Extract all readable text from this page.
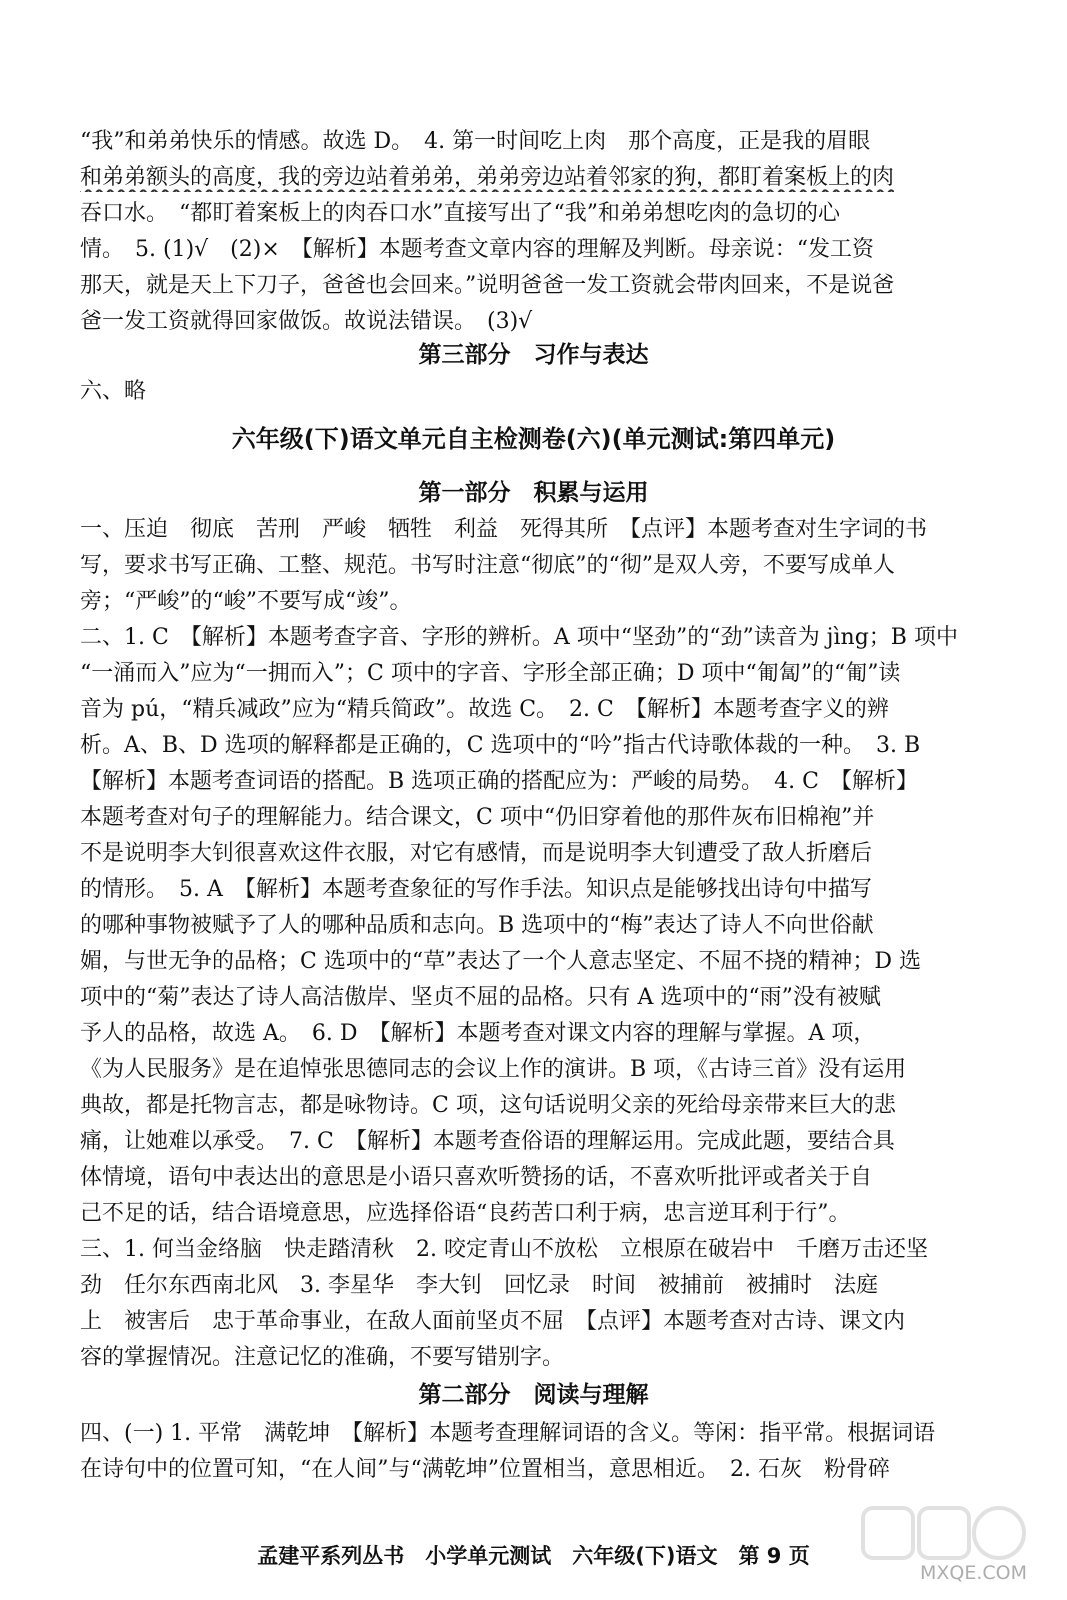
“我”和弟弟快乐的情感。故选 D。　4. 第一时间吃上肉　那个高度，正是我的眉眼
和弟弟额头的高度，我的旁边站着弟弟，弟弟旁边站着邻家的狗，都盯着案板上的肉
吞口水。　“都盯着案板上的肉吞口水”直接写出了“我”和弟弟想吃肉的急切的心
情。　5. (1)√　(2)×　【解析】本题考查文章内容的理解及判断。母亲说：“发工资
那天，就是天上下刀子，爸爸也会回来。”说明爸爸一发工资就会带肉回来，不是说爸
爸一发工资就得回家做饭。故说法错误。　(3)√
第三部分　习作与表达
六、略
六年级(下)语文单元自主检测卷(六)(单元测试:第四单元)
第一部分　积累与运用
一、压迫　彻底　苦刑　严峻　牺牲　利益　死得其所　【点评】本题考查对生字词的书
写，要求书写正确、工整、规范。书写时注意“彻底”的“彻”是双人旁，不要写成单人
旁；“严峻”的“峻”不要写成“竣”。
二、1. C　【解析】本题考查字音、字形的辨析。A 项中“坚劲”的“劲”读音为 jìng；B 项中
“一涌而入”应为“一拥而入”；C 项中的字音、字形全部正确；D 项中“匍匐”的“匍”读
音为 pú，“精兵减政”应为“精兵简政”。故选 C。　2. C　【解析】本题考查字义的辨
析。A、B、D 选项的解释都是正确的，C 选项中的“吟”指古代诗歌体裁的一种。　3. B
【解析】本题考查词语的搭配。B 选项正确的搭配应为：严峻的局势。　4. C　【解析】
本题考查对句子的理解能力。结合课文，C 项中“仍旧穿着他的那件灰布旧棉袍”并
不是说明李大钊很喜欢这件衣服，对它有感情，而是说明李大钊遭受了敌人折磨后
的情形。　5. A　【解析】本题考查象征的写作手法。知识点是能够找出诗句中描写
的哪种事物被赋予了人的哪种品质和志向。B 选项中的“梅”表达了诗人不向世俗献
媚，与世无争的品格；C 选项中的“草”表达了一个人意志坚定、不屈不挠的精神；D 选
项中的“菊”表达了诗人高洁傲岸、坚贞不屈的品格。只有 A 选项中的“雨”没有被赋
予人的品格，故选 A。　6. D　【解析】本题考查对课文内容的理解与掌握。A 项，
《为人民服务》是在追悼张思德同志的会议上作的演讲。B 项，《古诗三首》没有运用
典故，都是托物言志，都是咏物诗。C 项，这句话说明父亲的死给母亲带来巨大的悲
痛，让她难以承受。　7. C　【解析】本题考查俗语的理解运用。完成此题，要结合具
体情境，语句中表达出的意思是小语只喜欢听赞扬的话，不喜欢听批评或者关于自
己不足的话，结合语境意思，应选择俗语“良药苦口利于病，忠言逆耳利于行”。
三、1. 何当金络脑　快走踏清秋　2. 咬定青山不放松　立根原在破岩中　千磨万击还坚
劲　任尔东西南北风　3. 李星华　李大钊　回忆录　时间　被捕前　被捕时　法庭
上　被害后　忠于革命事业，在敌人面前坚贞不屈　【点评】本题考查对古诗、课文内
容的掌握情况。注意记忆的准确，不要写错别字。
第二部分　阅读与理解
四、(一) 1. 平常　满乾坤　【解析】本题考查理解词语的含义。等闲：指平常。根据词语
在诗句中的位置可知，“在人间”与“满乾坤”位置相当，意思相近。　2. 石灰　粉骨碎
孟建平系列丛书　小学单元测试　六年级(下)语文　第 9 页
MXQE.COM
